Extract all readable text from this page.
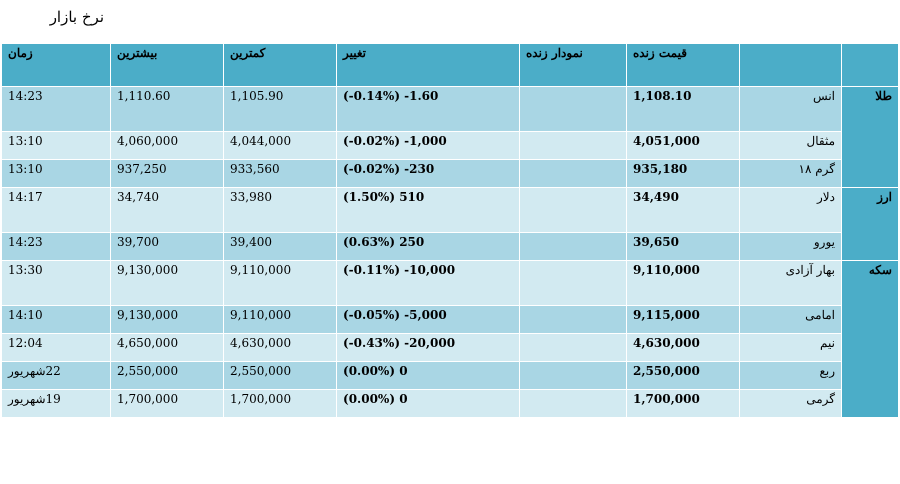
نرخ بازار
		قیمت زنده	نمودار زنده	تغییر	کمترین	بیشترین	زمان
طلا	انس	1,108.10		1.60- (0.14%-)	1,105.90	1,110.60	14:23
	مثقال	4,051,000		1,000- (0.02%-)	4,044,000	4,060,000	13:10
	گرم ۱۸	935,180		230- (0.02%-)	933,560	937,250	13:10
ارز	دلار	34,490		510 (1.50%)	33,980	34,740	14:17
	یورو	39,650		250 (0.63%)	39,400	39,700	14:23
سکه	بهار آزادی	9,110,000		10,000- (0.11%-)	9,110,000	9,130,000	13:30
	امامی	9,115,000		5,000- (0.05%-)	9,110,000	9,130,000	14:10
	نیم	4,630,000		20,000- (0.43%-)	4,630,000	4,650,000	12:04
	ربع	2,550,000		0 (0.00%)	2,550,000	2,550,000	22شهریور
	گرمی	1,700,000		0 (0.00%)	1,700,000	1,700,000	19شهریور
